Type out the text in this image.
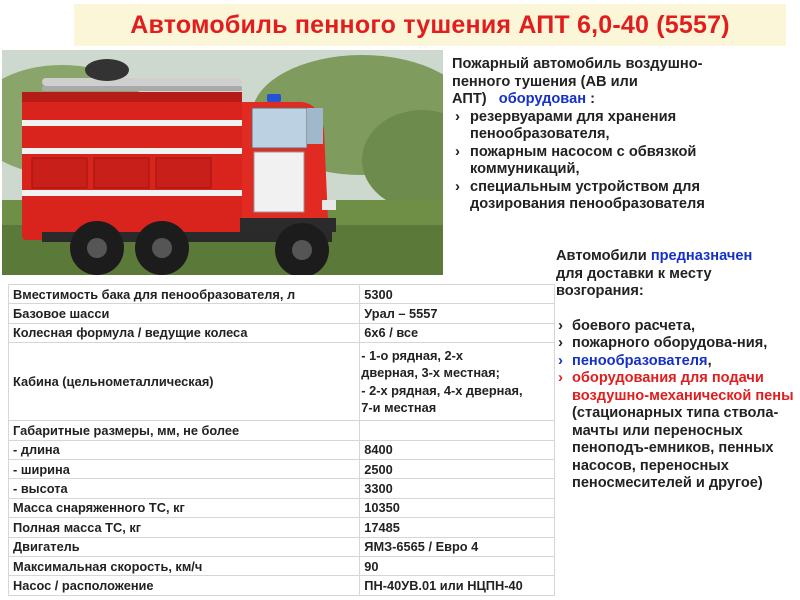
Автомобиль пенного тушения АПТ 6,0-40 (5557)
Пожарный автомобиль воздушно-
пенного тушения (АВ или
АПТ) оборудован :
› резервуарами для хранения пенообразователя,
› пожарным насосом с обвязкой коммуникаций,
› специальным устройством для дозирования пенообразователя
Автомобили предназначен
для доставки к месту
возгорания:
› боевого расчета,
› пожарного оборудова-ния,
› пенообразователя,
› оборудования для подачи воздушно-механической пены
(стационарных типа ствола-мачты или переносных пеноподъ-емников, пенных насосов, переносных пеносмесителей и другое)
Вместимость бака для пенообразователя, л	5300
Базовое шасси	Урал – 5557
Колесная формула / ведущие колеса	6x6 / все
Кабина (цельнометаллическая)	- 1-о рядная, 2-х
дверная, 3-х местная;
- 2-х рядная, 4-х дверная,
7-и местная

Габаритные размеры, мм, не более	
- длина	8400
- ширина	2500
- высота	3300
Масса снаряженного ТС, кг	10350
Полная масса ТС, кг	17485
Двигатель	ЯМЗ-6565 / Евро 4
Максимальная скорость, км/ч	90
Насос / расположение	ПН-40УВ.01 или НЦПН-40
